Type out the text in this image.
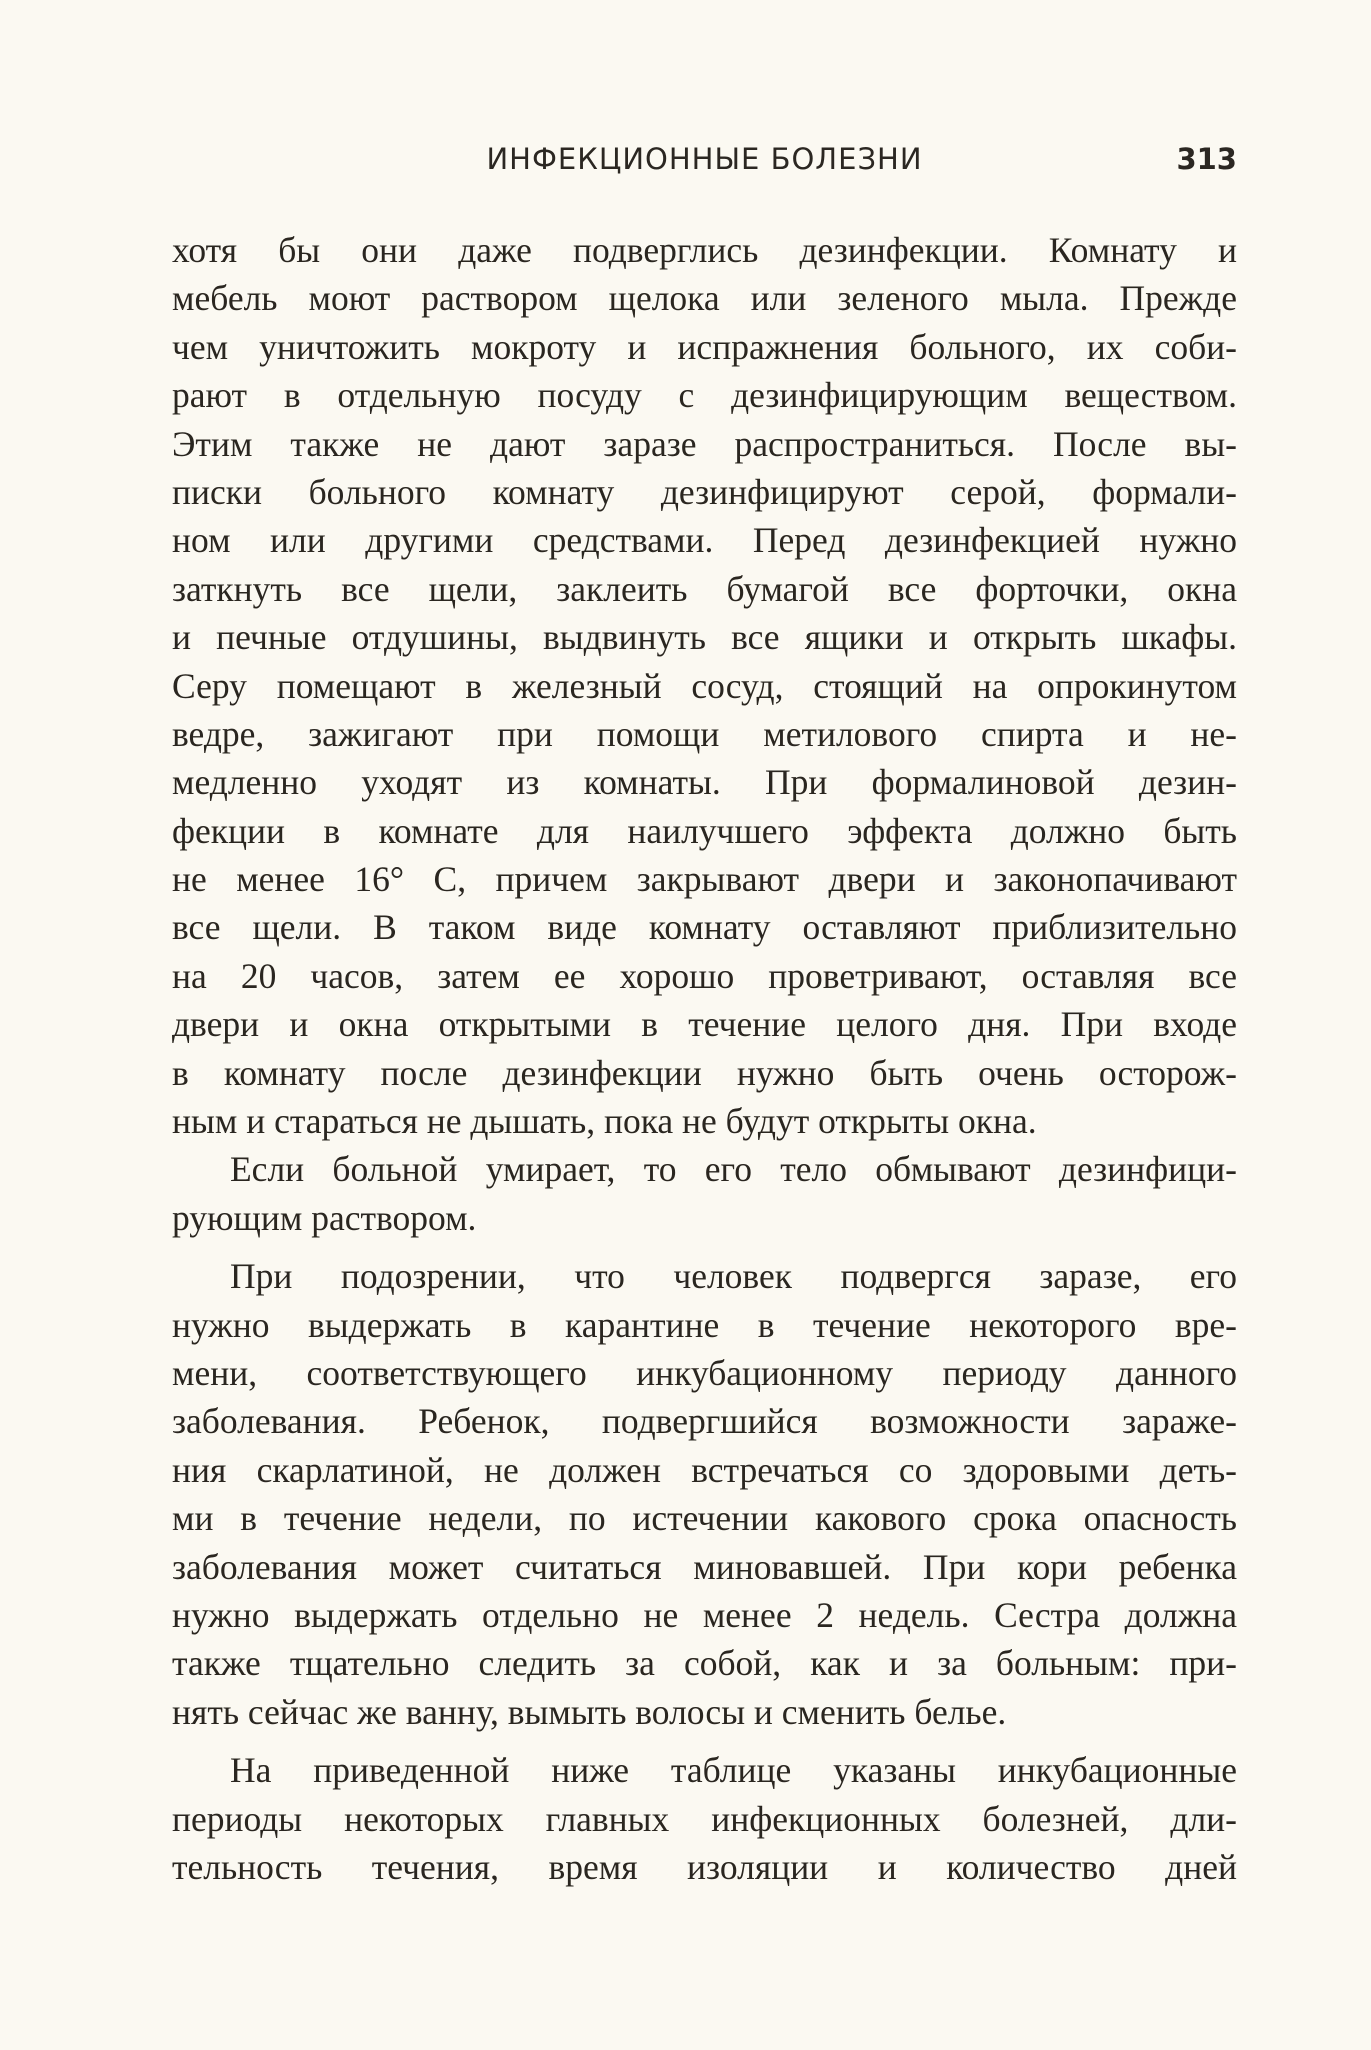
ИНФЕКЦИОННЫЕ БОЛЕЗНИ	313
хотя бы они даже подверглись дезинфекции. Комнату и
мебель моют раствором щелока или зеленого мыла. Прежде
чем уничтожить мокроту и испражнения больного, их соби-
рают в отдельную посуду с дезинфицирующим веществом.
Этим также не дают заразе распространиться. После вы-
писки больного комнату дезинфицируют серой, формали-
ном или другими средствами. Перед дезинфекцией нужно
заткнуть все щели, заклеить бумагой все форточки, окна
и печные отдушины, выдвинуть все ящики и открыть шкафы.
Серу помещают в железный сосуд, стоящий на опрокинутом
ведре, зажигают при помощи метилового спирта и не-
медленно уходят из комнаты. При формалиновой дезин-
фекции в комнате для наилучшего эффекта должно быть
не менее 16° С, причем закрывают двери и законопачивают
все щели. В таком виде комнату оставляют приблизительно
на 20 часов, затем ее хорошо проветривают, оставляя все
двери и окна открытыми в течение целого дня. При входе
в комнату после дезинфекции нужно быть очень осторож-
ным и стараться не дышать, пока не будут открыты окна.
Если больной умирает, то его тело обмывают дезинфици-
рующим раствором.
При подозрении, что человек подвергся заразе, его
нужно выдержать в карантине в течение некоторого вре-
мени, соответствующего инкубационному периоду данного
заболевания. Ребенок, подвергшийся возможности зараже-
ния скарлатиной, не должен встречаться со здоровыми деть-
ми в течение недели, по истечении какового срока опасность
заболевания может считаться миновавшей. При кори ребенка
нужно выдержать отдельно не менее 2 недель. Сестра должна
также тщательно следить за собой, как и за больным: при-
нять сейчас же ванну, вымыть волосы и сменить белье.
На приведенной ниже таблице указаны инкубационные
периоды некоторых главных инфекционных болезней, дли-
тельность течения, время изоляции и количество дней
